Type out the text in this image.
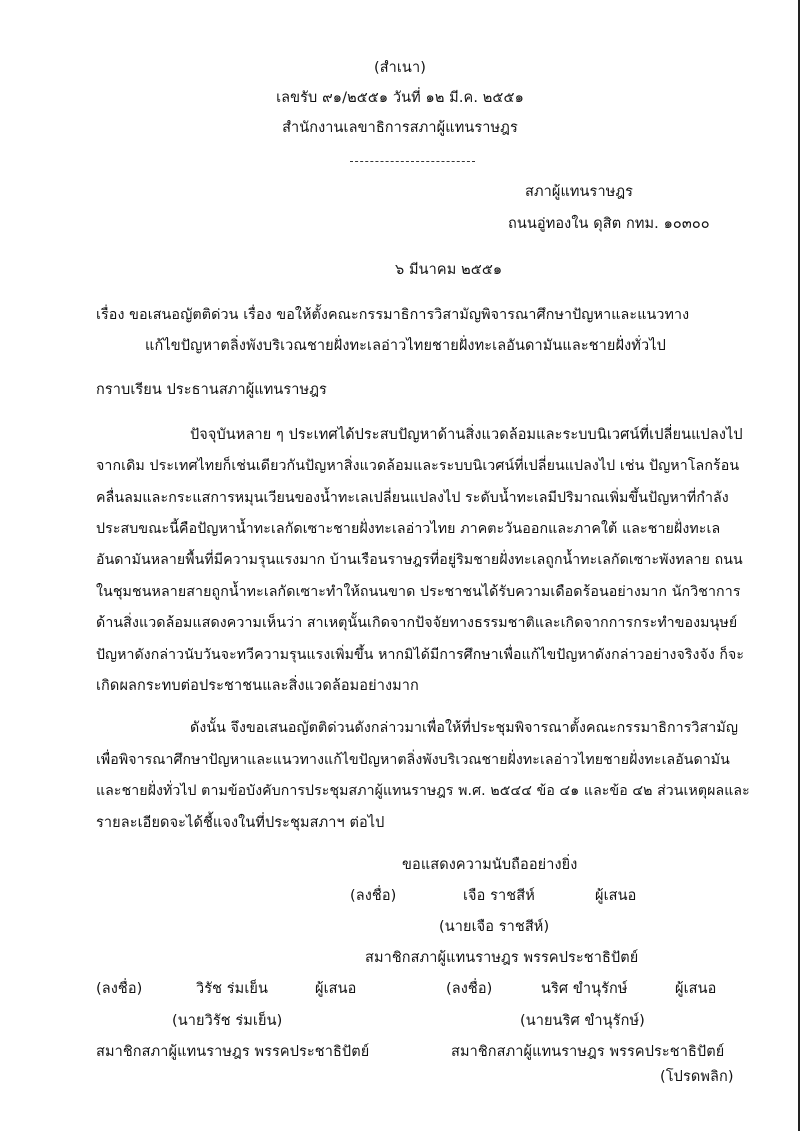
(สำเนา)
เลขรับ ๙๑/๒๕๕๑ วันที่ ๑๒ มี.ค. ๒๕๕๑
สำนักงานเลขาธิการสภาผู้แทนราษฎร
สภาผู้แทนราษฎร
ถนนอู่ทองใน ดุสิต กทม. ๑๐๓๐๐
๖ มีนาคม ๒๕๕๑
เรื่อง ขอเสนอญัตติด่วน เรื่อง ขอให้ตั้งคณะกรรมาธิการวิสามัญพิจารณาศึกษาปัญหาและแนวทาง
แก้ไขปัญหาตลิ่งพังบริเวณชายฝั่งทะเลอ่าวไทยชายฝั่งทะเลอันดามันและชายฝั่งทั่วไป
กราบเรียน ประธานสภาผู้แทนราษฎร
ปัจจุบันหลาย ๆ ประเทศได้ประสบปัญหาด้านสิ่งแวดล้อมและระบบนิเวศน์ที่เปลี่ยนแปลงไป
จากเดิม ประเทศไทยก็เช่นเดียวกันปัญหาสิ่งแวดล้อมและระบบนิเวศน์ที่เปลี่ยนแปลงไป เช่น ปัญหาโลกร้อน
คลื่นลมและกระแสการหมุนเวียนของน้ำทะเลเปลี่ยนแปลงไป ระดับน้ำทะเลมีปริมาณเพิ่มขึ้นปัญหาที่กำลัง
ประสบขณะนี้คือปัญหาน้ำทะเลกัดเซาะชายฝั่งทะเลอ่าวไทย ภาคตะวันออกและภาคใต้ และชายฝั่งทะเล
อันดามันหลายพื้นที่มีความรุนแรงมาก บ้านเรือนราษฎรที่อยู่ริมชายฝั่งทะเลถูกน้ำทะเลกัดเซาะพังทลาย ถนน
ในชุมชนหลายสายถูกน้ำทะเลกัดเซาะทำให้ถนนขาด ประชาชนได้รับความเดือดร้อนอย่างมาก นักวิชาการ
ด้านสิ่งแวดล้อมแสดงความเห็นว่า สาเหตุนั้นเกิดจากปัจจัยทางธรรมชาติและเกิดจากการกระทำของมนุษย์
ปัญหาดังกล่าวนับวันจะทวีความรุนแรงเพิ่มขึ้น หากมิได้มีการศึกษาเพื่อแก้ไขปัญหาดังกล่าวอย่างจริงจัง ก็จะ
เกิดผลกระทบต่อประชาชนและสิ่งแวดล้อมอย่างมาก
ดังนั้น จึงขอเสนอญัตติด่วนดังกล่าวมาเพื่อให้ที่ประชุมพิจารณาตั้งคณะกรรมาธิการวิสามัญ
เพื่อพิจารณาศึกษาปัญหาและแนวทางแก้ไขปัญหาตลิ่งพังบริเวณชายฝั่งทะเลอ่าวไทยชายฝั่งทะเลอันดามัน
และชายฝั่งทั่วไป ตามข้อบังคับการประชุมสภาผู้แทนราษฎร พ.ศ. ๒๕๔๔ ข้อ ๔๑ และข้อ ๔๒ ส่วนเหตุผลและ
รายละเอียดจะได้ชี้แจงในที่ประชุมสภาฯ ต่อไป
ขอแสดงความนับถืออย่างยิ่ง
(ลงชื่อ)	เจือ ราชสีห์	ผู้เสนอ
(นายเจือ ราชสีห์)
สมาชิกสภาผู้แทนราษฎร พรรคประชาธิปัตย์
(ลงชื่อ)	วิรัช ร่มเย็น	ผู้เสนอ
(นายวิรัช ร่มเย็น)
สมาชิกสภาผู้แทนราษฎร พรรคประชาธิปัตย์
(ลงชื่อ)	นริศ ขำนุรักษ์	ผู้เสนอ
(นายนริศ ขำนุรักษ์)
สมาชิกสภาผู้แทนราษฎร พรรคประชาธิปัตย์
(โปรดพลิก)
